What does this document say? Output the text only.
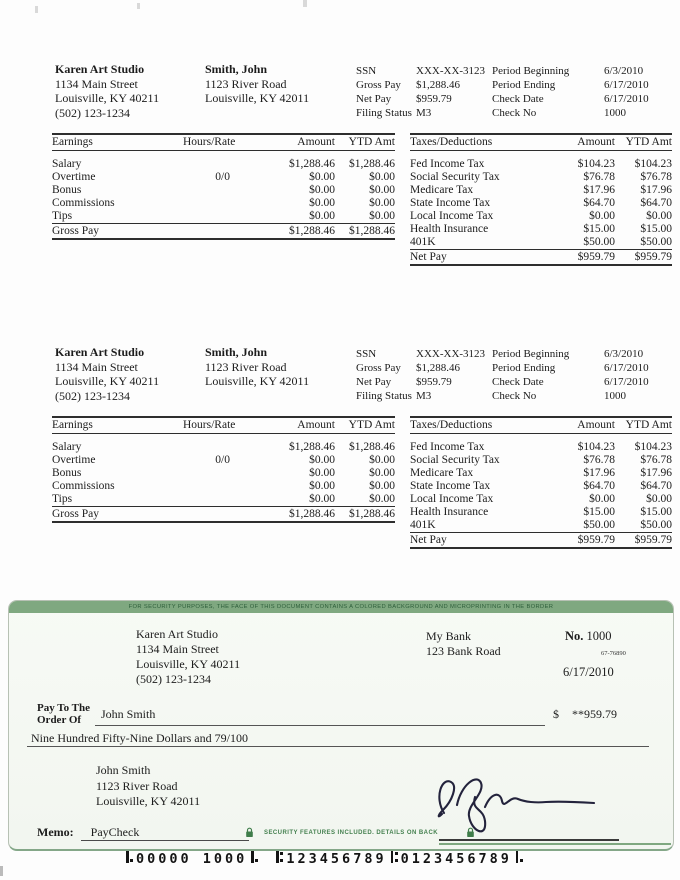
Karen Art Studio
1134 Main Street
Louisville, KY 40211
(502) 123-1234
Smith, John
1123 River Road
Louisville, KY 42011
SSN	XXX-XX-3123 Period Beginning	6/3/2010
Gross Pay	$1,288.46	Period Ending	6/17/2010
Net Pay	$959.79	Check Date	6/17/2010
Filing Status M3	Check No	1000
Earnings	Hours/Rate	Amount	YTD Amt

Salary		$1,288.46	$1,288.46
Overtime	0/0	$0.00	$0.00
Bonus		$0.00	$0.00
Commissions		$0.00	$0.00
Tips		$0.00	$0.00
Gross Pay		$1,288.46	$1,288.46
Taxes/Deductions	Amount	YTD Amt

Fed Income Tax	$104.23	$104.23
Social Security Tax	$76.78	$76.78
Medicare Tax	$17.96	$17.96
State Income Tax	$64.70	$64.70
Local Income Tax	$0.00	$0.00
Health Insurance	$15.00	$15.00
401K	$50.00	$50.00
Net Pay	$959.79	$959.79
Karen Art Studio
1134 Main Street
Louisville, KY 40211
(502) 123-1234
Smith, John
1123 River Road
Louisville, KY 42011
SSN	XXX-XX-3123 Period Beginning	6/3/2010
Gross Pay	$1,288.46	Period Ending	6/17/2010
Net Pay	$959.79	Check Date	6/17/2010
Filing Status M3	Check No	1000
Earnings	Hours/Rate	Amount	YTD Amt

Salary		$1,288.46	$1,288.46
Overtime	0/0	$0.00	$0.00
Bonus		$0.00	$0.00
Commissions		$0.00	$0.00
Tips		$0.00	$0.00
Gross Pay		$1,288.46	$1,288.46
Taxes/Deductions	Amount	YTD Amt

Fed Income Tax	$104.23	$104.23
Social Security Tax	$76.78	$76.78
Medicare Tax	$17.96	$17.96
State Income Tax	$64.70	$64.70
Local Income Tax	$0.00	$0.00
Health Insurance	$15.00	$15.00
401K	$50.00	$50.00
Net Pay	$959.79	$959.79
FOR SECURITY PURPOSES, THE FACE OF THIS DOCUMENT CONTAINS A COLORED BACKGROUND AND MICROPRINTING IN THE BORDER
Karen Art Studio
1134 Main Street
Louisville, KY 40211
(502) 123-1234
My Bank
123 Bank Road
No. 1000
67-76890
6/17/2010
Pay To The
Order Of	John Smith	$ **959.79
Nine Hundred Fifty-Nine Dollars and 79/100
John Smith
1123 River Road
Louisville, KY 42011
Memo: PayCheck	SECURITY FEATURES INCLUDED. DETAILS ON BACK
00000 1000	123456789 0123456789
